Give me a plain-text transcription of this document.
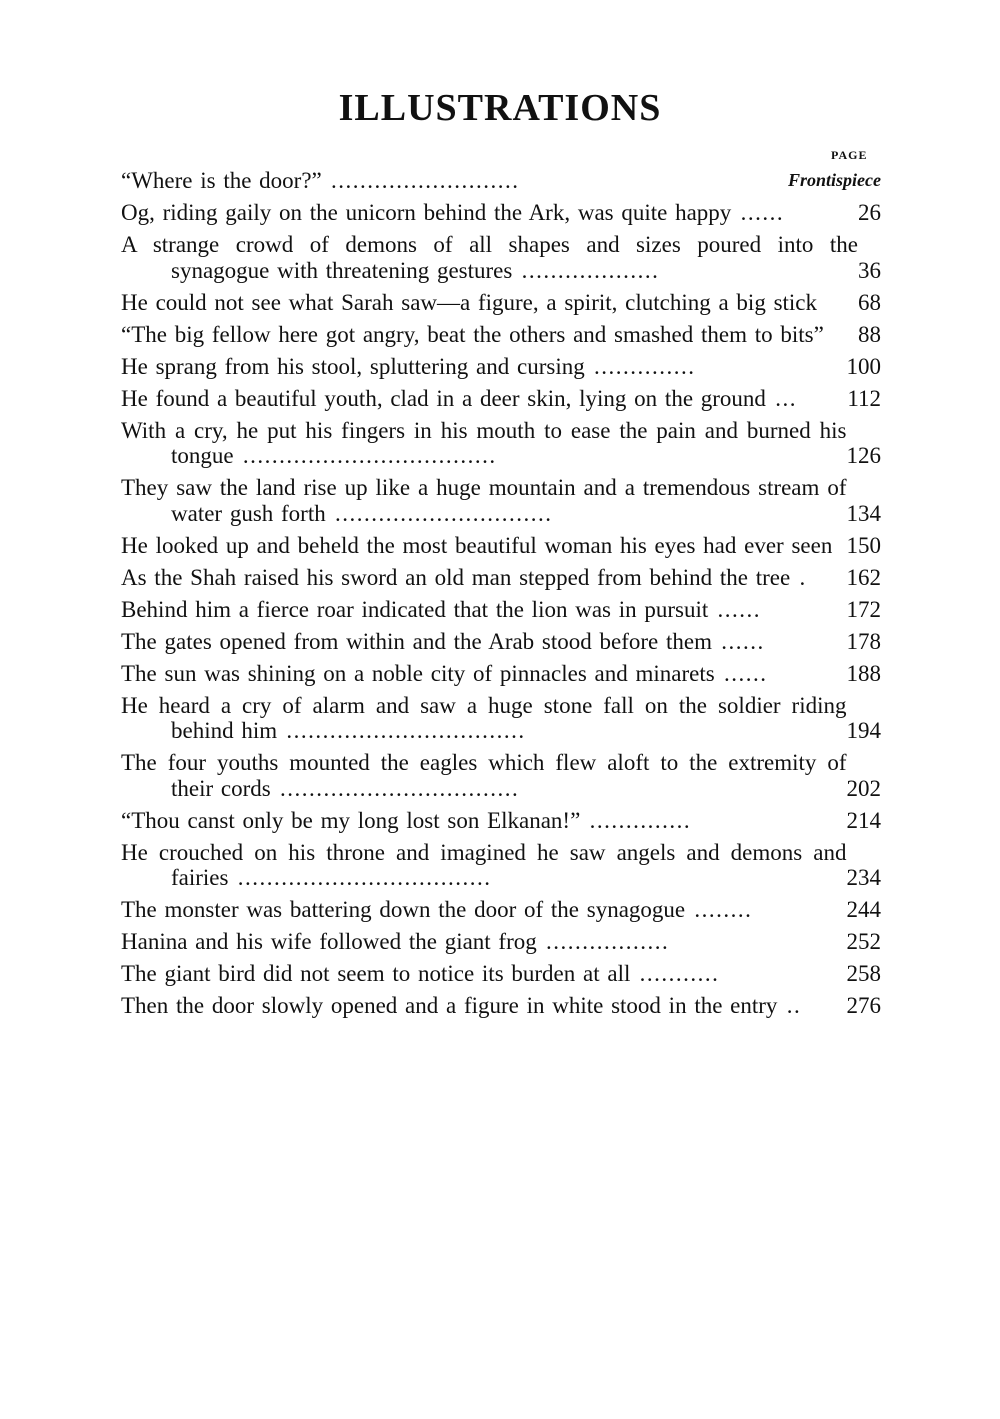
ILLUSTRATIONS
PAGE
“Where is the door?” ..........................	Frontispiece
Og, riding gaily on the unicorn behind the Ark, was quite happy ......	26
A strange crowd of demons of all shapes and sizes poured into the synagogue with threatening gestures ...................	36
He could not see what Sarah saw—a figure, a spirit, clutching a big stick	68
“The big fellow here got angry, beat the others and smashed them to bits”	88
He sprang from his stool, spluttering and cursing ..............	100
He found a beautiful youth, clad in a deer skin, lying on the ground ...	112
With a cry, he put his fingers in his mouth to ease the pain and burned his tongue ...................................	126
They saw the land rise up like a huge mountain and a tremendous stream of water gush forth ..............................	134
He looked up and beheld the most beautiful woman his eyes had ever seen 150
As the Shah raised his sword an old man stepped from behind the tree .	162
Behind him a fierce roar indicated that the lion was in pursuit ......	172
The gates opened from within and the Arab stood before them ......	178
The sun was shining on a noble city of pinnacles and minarets ......	188
He heard a cry of alarm and saw a huge stone fall on the soldier riding behind him .................................	194
The four youths mounted the eagles which flew aloft to the extremity of their cords .................................	202
“Thou canst only be my long lost son Elkanan!” ..............	214
He crouched on his throne and imagined he saw angels and demons and fairies ...................................	234
The monster was battering down the door of the synagogue ........	244
Hanina and his wife followed the giant frog .................	252
The giant bird did not seem to notice its burden at all ...........	258
Then the door slowly opened and a figure in white stood in the entry ..	276
